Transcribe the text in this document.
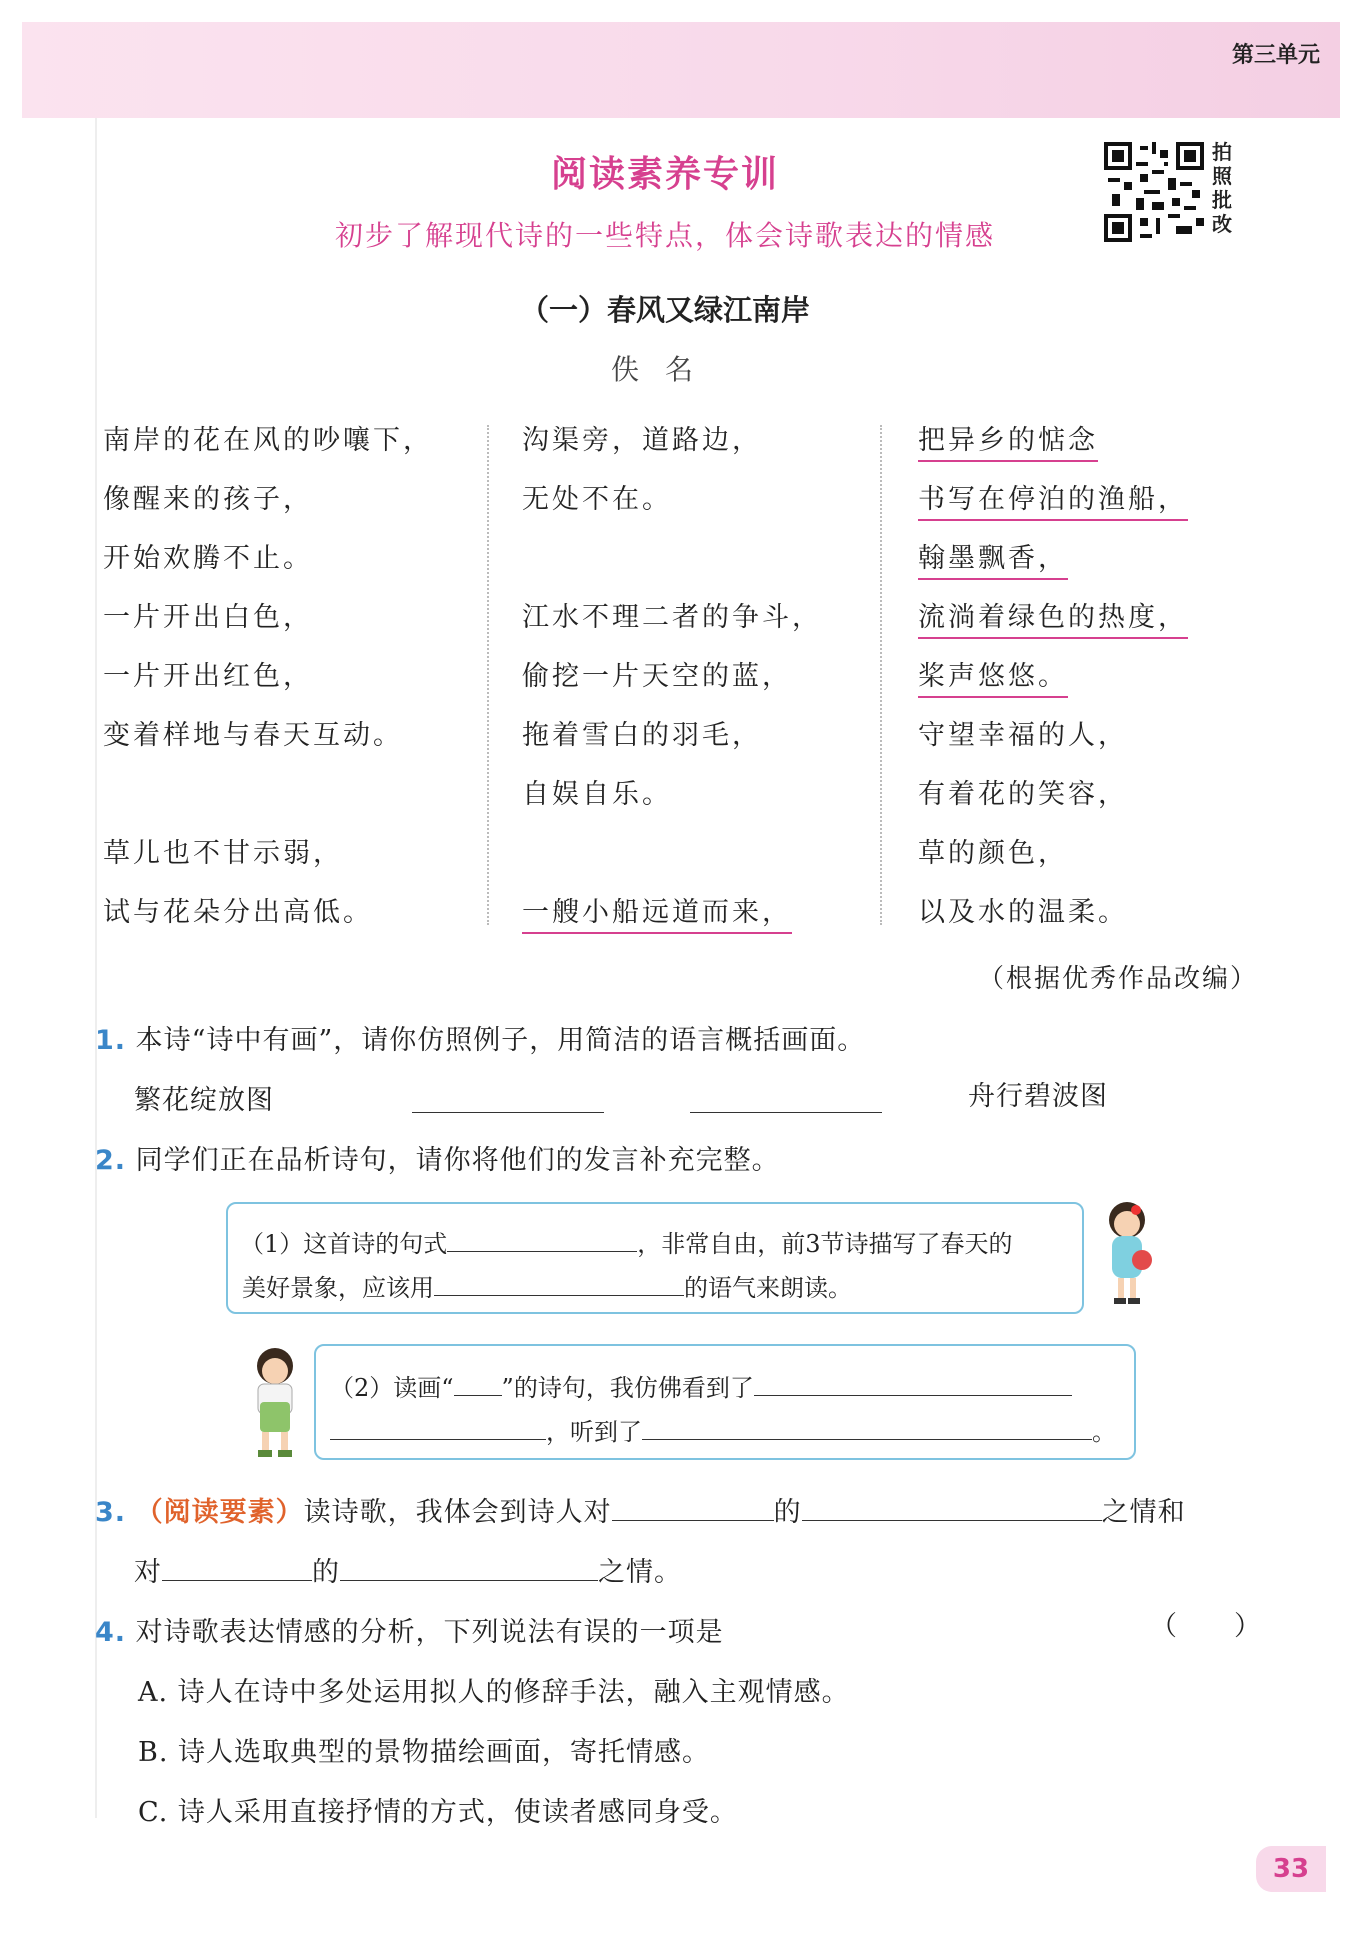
第三单元
阅读素养专训
初步了解现代诗的一些特点，体会诗歌表达的情感
拍照批改
（一）春风又绿江南岸
佚名
南岸的花在风的吵嚷下，
像醒来的孩子，
开始欢腾不止。
一片开出白色，
一片开出红色，
变着样地与春天互动。
草儿也不甘示弱，
试与花朵分出高低。
沟渠旁，道路边，
无处不在。
江水不理二者的争斗，
偷挖一片天空的蓝，
拖着雪白的羽毛，
自娱自乐。
一艘小船远道而来，
把异乡的惦念
书写在停泊的渔船，
翰墨飘香，
流淌着绿色的热度，
桨声悠悠。
守望幸福的人，
有着花的笑容，
草的颜色，
以及水的温柔。
（根据优秀作品改编）
1. 本诗“诗中有画”，请你仿照例子，用简洁的语言概括画面。
繁花绽放图	舟行碧波图
2. 同学们正在品析诗句，请你将他们的发言补充完整。
（1）这首诗的句式	，非常自由，前3节诗描写了春天的
美好景象，应该用	的语气来朗读。
（2）读画“ ”的诗句，我仿佛看到了
，听到了	。
3. （阅读要素）读诗歌，我体会到诗人对	的	之情和
对	的	之情。
4. 对诗歌表达情感的分析，下列说法有误的一项是	（　　）
A. 诗人在诗中多处运用拟人的修辞手法，融入主观情感。
B. 诗人选取典型的景物描绘画面，寄托情感。
C. 诗人采用直接抒情的方式，使读者感同身受。
33
